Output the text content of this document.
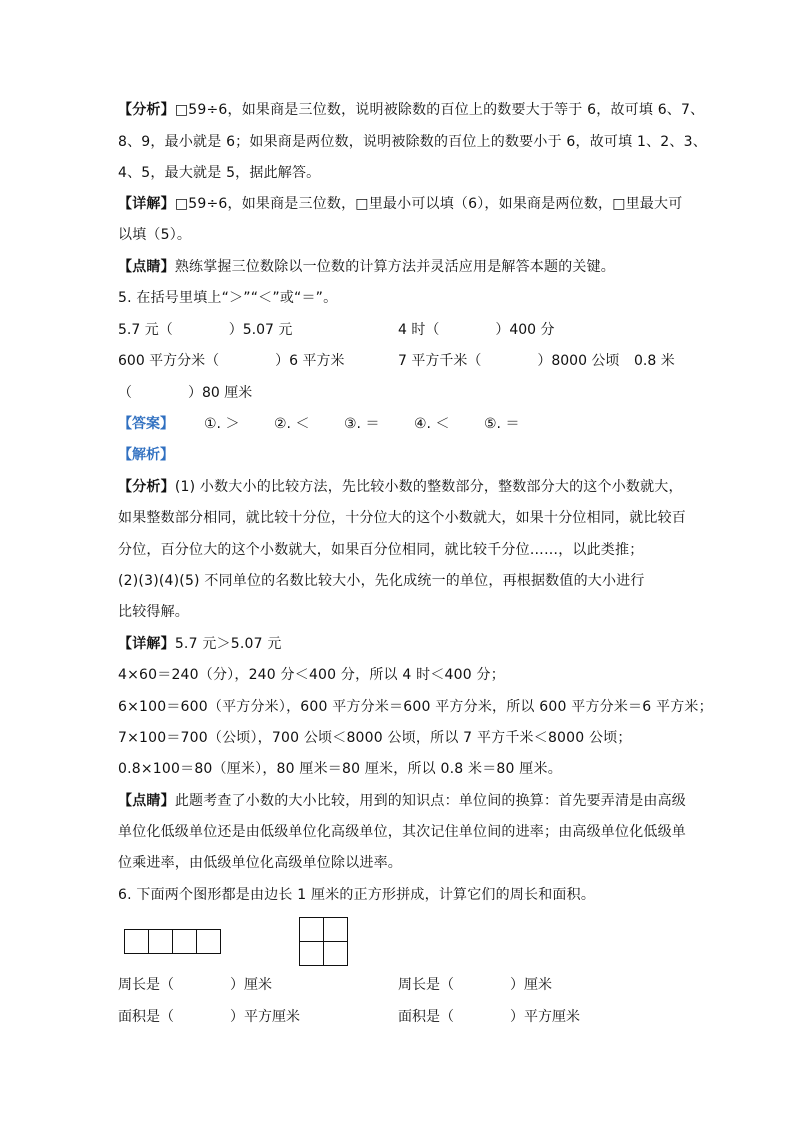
【分析】□59÷6，如果商是三位数，说明被除数的百位上的数要大于等于 6，故可填 6、7、
8、9，最小就是 6；如果商是两位数，说明被除数的百位上的数要小于 6，故可填 1、2、3、
4、5，最大就是 5，据此解答。
【详解】□59÷6，如果商是三位数，□里最小可以填（6），如果商是两位数，□里最大可
以填（5）。
【点睛】熟练掌握三位数除以一位数的计算方法并灵活应用是解答本题的关键。
5. 在括号里填上“＞”“＜”或“＝”。
5.7 元（　　　　）5.07 元	4 时（　　　　）400 分
600 平方分米（　　　　）6 平方米	7 平方千米（　　　　）8000 公顷 0.8 米
（　　　　）80 厘米
【答案】 ①. ＞ ②. ＜ ③. ＝ ④. ＜ ⑤. ＝
【解析】
【分析】(1) 小数大小的比较方法，先比较小数的整数部分，整数部分大的这个小数就大，
如果整数部分相同，就比较十分位，十分位大的这个小数就大，如果十分位相同，就比较百
分位，百分位大的这个小数就大，如果百分位相同，就比较千分位……，以此类推；
(2)(3)(4)(5) 不同单位的名数比较大小，先化成统一的单位，再根据数值的大小进行
比较得解。
【详解】5.7 元＞5.07 元
4×60＝240（分），240 分＜400 分，所以 4 时＜400 分；
6×100＝600（平方分米），600 平方分米＝600 平方分米，所以 600 平方分米＝6 平方米；
7×100＝700（公顷），700 公顷＜8000 公顷，所以 7 平方千米＜8000 公顷；
0.8×100＝80（厘米），80 厘米＝80 厘米，所以 0.8 米＝80 厘米。
【点睛】此题考查了小数的大小比较，用到的知识点：单位间的换算：首先要弄清是由高级
单位化低级单位还是由低级单位化高级单位，其次记住单位间的进率；由高级单位化低级单
位乘进率，由低级单位化高级单位除以进率。
6. 下面两个图形都是由边长 1 厘米的正方形拼成，计算它们的周长和面积。
周长是（　　　　）厘米	周长是（　　　　）厘米
面积是（　　　　）平方厘米	面积是（　　　　）平方厘米
